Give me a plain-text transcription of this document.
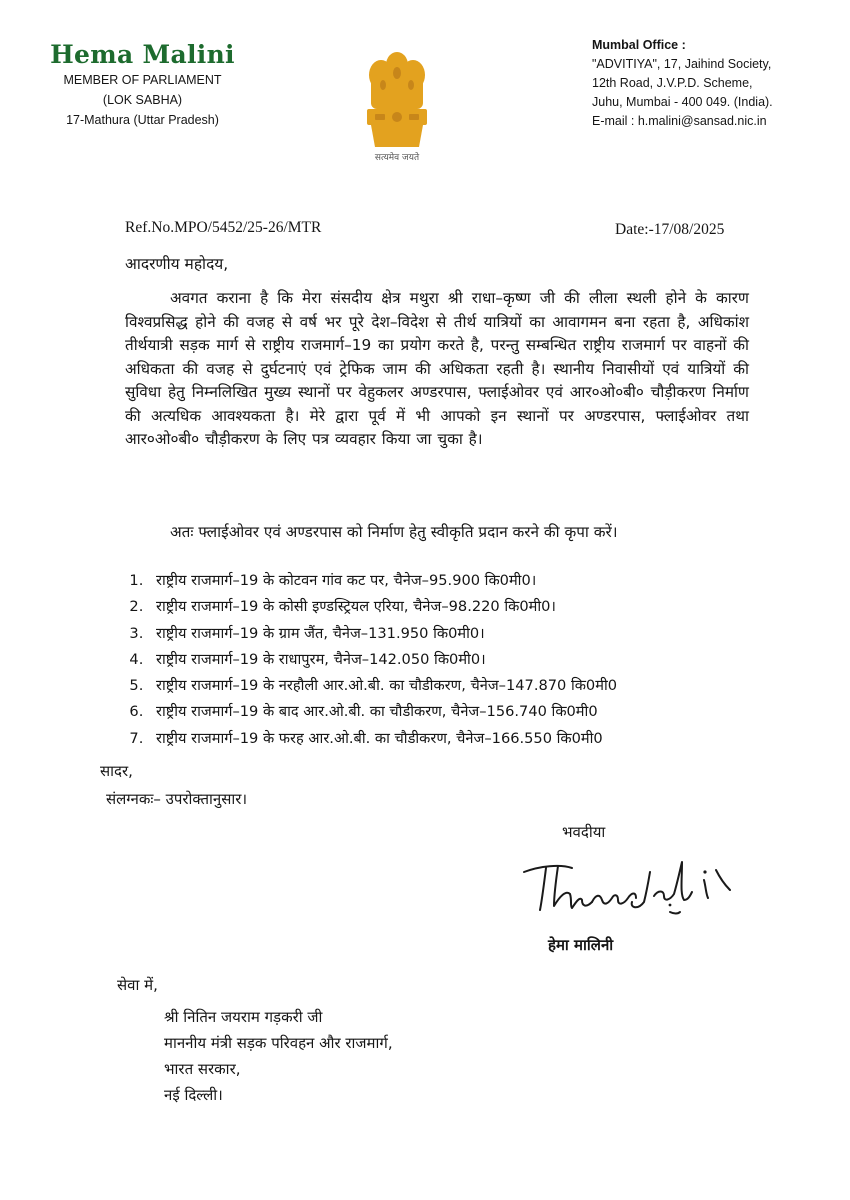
Hema Malini
MEMBER OF PARLIAMENT
(LOK SABHA)
17-Mathura (Uttar Pradesh)
सत्यमेव जयते
Mumbal Office :
"ADVITIYA", 17, Jaihind Society,
12th Road, J.V.P.D. Scheme,
Juhu, Mumbai - 400 049. (India).
E-mail : h.malini@sansad.nic.in
Ref.No.MPO/5452/25-26/MTR	Date:-17/08/2025
आदरणीय महोदय,
अवगत कराना है कि मेरा संसदीय क्षेत्र मथुरा श्री राधा–कृष्ण जी की लीला स्थली होने के कारण विश्वप्रसिद्ध होने की वजह से वर्ष भर पूरे देश–विदेश से तीर्थ यात्रियों का आवागमन बना रहता है, अधिकांश तीर्थयात्री सड़क मार्ग से राष्ट्रीय राजमार्ग–19 का प्रयोग करते है, परन्तु सम्बन्धित राष्ट्रीय राजमार्ग पर वाहनों की अधिकता की वजह से दुर्घटनाएं एवं ट्रेफिक जाम की अधिकता रहती है। स्थानीय निवासीयों एवं यात्रियों की सुविधा हेतु निम्नलिखित मुख्य स्थानों पर वेहुकलर अण्डरपास, फ्लाईओवर एवं आर०ओ०बी० चौड़ीकरण निर्माण की अत्यधिक आवश्यकता है। मेरे द्वारा पूर्व में भी आपको इन स्थानों पर अण्डरपास, फ्लाईओवर तथा आर०ओ०बी० चौड़ीकरण के लिए पत्र व्यवहार किया जा चुका है।
अतः फ्लाईओवर एवं अण्डरपास को निर्माण हेतु स्वीकृति प्रदान करने की कृपा करें।
1. राष्ट्रीय राजमार्ग–19 के कोटवन गांव कट पर, चैनेज–95.900 कि0मी0।
2. राष्ट्रीय राजमार्ग–19 के कोसी इण्डस्ट्रियल एरिया, चैनेज–98.220 कि0मी0।
3. राष्ट्रीय राजमार्ग–19 के ग्राम जैंत, चैनेज–131.950 कि0मी0।
4. राष्ट्रीय राजमार्ग–19 के राधापुरम, चैनेज–142.050 कि0मी0।
5. राष्ट्रीय राजमार्ग–19 के नरहौली आर.ओ.बी. का चौडीकरण, चैनेज–147.870 कि0मी0
6. राष्ट्रीय राजमार्ग–19 के बाद आर.ओ.बी. का चौडीकरण, चैनेज–156.740 कि0मी0
7. राष्ट्रीय राजमार्ग–19 के फरह आर.ओ.बी. का चौडीकरण, चैनेज–166.550 कि0मी0
सादर,
संलग्नकः– उपरोक्तानुसार।
भवदीया
हेमा मालिनी
सेवा में,
श्री नितिन जयराम गड़करी जी
माननीय मंत्री सड़क परिवहन और राजमार्ग,
भारत सरकार,
नई दिल्ली।
